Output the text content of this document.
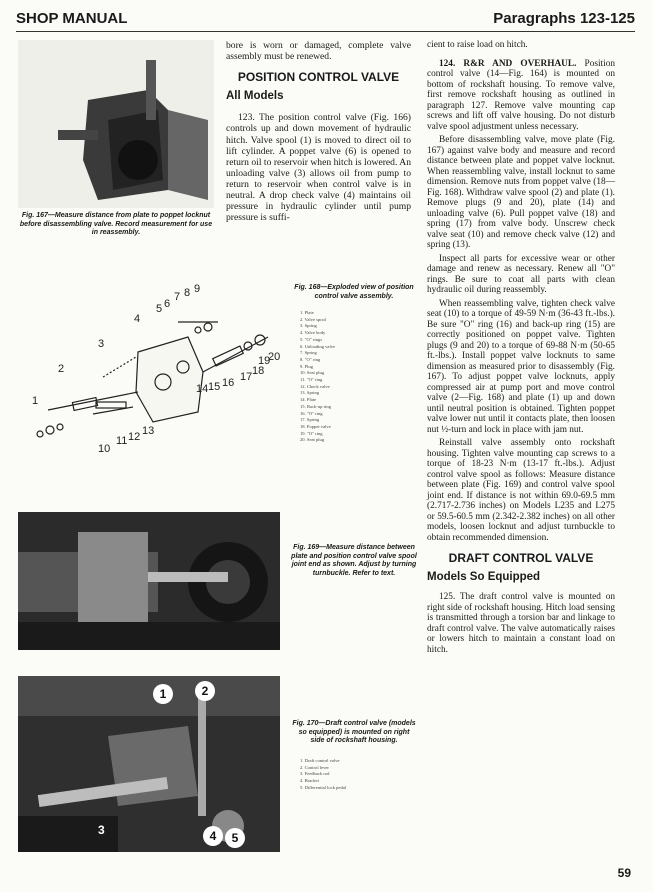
SHOP MANUAL	Paragraphs 123-125
Fig. 167—Measure distance from plate to poppet locknut before disassembling valve. Record measurement for use in reassembly.
1
2
3
4
5 6
7 8 9
10
11 12 13
14 15 16 17 18
19
20
Fig. 168—Exploded view of position control valve assembly.
1. Plate
2. Valve spool
3. Spring
4. Valve body
5. "O" rings
6. Unloading valve
7. Spring
8. "O" ring
9. Plug
10. Seat plug
11. "O" ring
12. Check valve
13. Spring
14. Plate
15. Back-up ring
16. "O" ring
17. Spring
18. Poppet valve
19. "O" ring
20. Seat plug
Fig. 169—Measure distance between plate and position control valve spool joint end as shown. Adjust by turning turnbuckle. Refer to text.
1	2
3	4	5
Fig. 170—Draft control valve (models so equipped) is mounted on right side of rockshaft housing.
1. Draft control valve
2. Control lever
3. Feedback rod
4. Bracket
5. Differential lock pedal

bore is worn or damaged, complete valve assembly must be renewed.

POSITION CONTROL VALVE
All Models

123. The position control valve (Fig. 166) controls up and down movement of hydraulic hitch. Valve spool (1) is moved to direct oil to lift cylinder. A poppet valve (6) is opened to return oil to reservoir when hitch is lowered. An unloading valve (3) allows oil from pump to return to reservoir when control valve is in neutral. A drop check valve (4) maintains oil pressure in hydraulic cylinder until pump pressure is suffi-

cient to raise load on hitch.

124. R&R AND OVERHAUL. Position control valve (14—Fig. 164) is mounted on bottom of rockshaft housing. To remove valve, first remove rockshaft housing as outlined in paragraph 127. Remove valve mounting cap screws and lift off valve housing. Do not disturb valve spool adjustment unless necessary.

Before disassembling valve, move plate (Fig. 167) against valve body and measure and record distance between plate and poppet valve locknut. When reassembling valve, install locknut to same dimension. Remove nuts from poppet valve (18—Fig. 168). Withdraw valve spool (2) and plate (1). Remove plugs (9 and 20), plate (14) and unloading valve (6). Pull poppet valve (18) and spring (17) from valve body. Unscrew check valve seat (10) and remove check valve (12) and spring (13).

Inspect all parts for excessive wear or other damage and renew as necessary. Renew all "O" rings. Be sure to coat all parts with clean hydraulic oil during reassembly.

When reassembling valve, tighten check valve seat (10) to a torque of 49-59 N·m (36-43 ft.-lbs.). Be sure "O" ring (16) and back-up ring (15) are correctly positioned on poppet valve. Tighten plugs (9 and 20) to a torque of 69-88 N·m (50-65 ft.-lbs.). Install poppet valve locknuts to same dimension as measured prior to disassembly (Fig. 167). To adjust poppet valve locknuts, apply compressed air at pump port and move control valve (2—Fig. 168) and plate (1) up and down until neutral position is obtained. Tighten poppet valve lower nut until it contacts plate, then loosen nut ½-turn and lock in place with jam nut.

Reinstall valve assembly onto rockshaft housing. Tighten valve mounting cap screws to a torque of 18-23 N·m (13-17 ft.-lbs.). Adjust control valve spool as follows: Measure distance between plate (Fig. 169) and control valve spool joint end. If distance is not within 69.0-69.5 mm (2.717-2.736 inches) on Models L235 and L275 or 59.5-60.5 mm (2.342-2.382 inches) on all other models, loosen locknut and adjust turnbuckle to obtain recommended dimension.

DRAFT CONTROL VALVE
Models So Equipped

125. The draft control valve is mounted on right side of rockshaft housing. Hitch load sensing is transmitted through a torsion bar and linkage to draft control valve. The valve automatically raises or lowers hitch to maintain a constant load on hitch.

59
